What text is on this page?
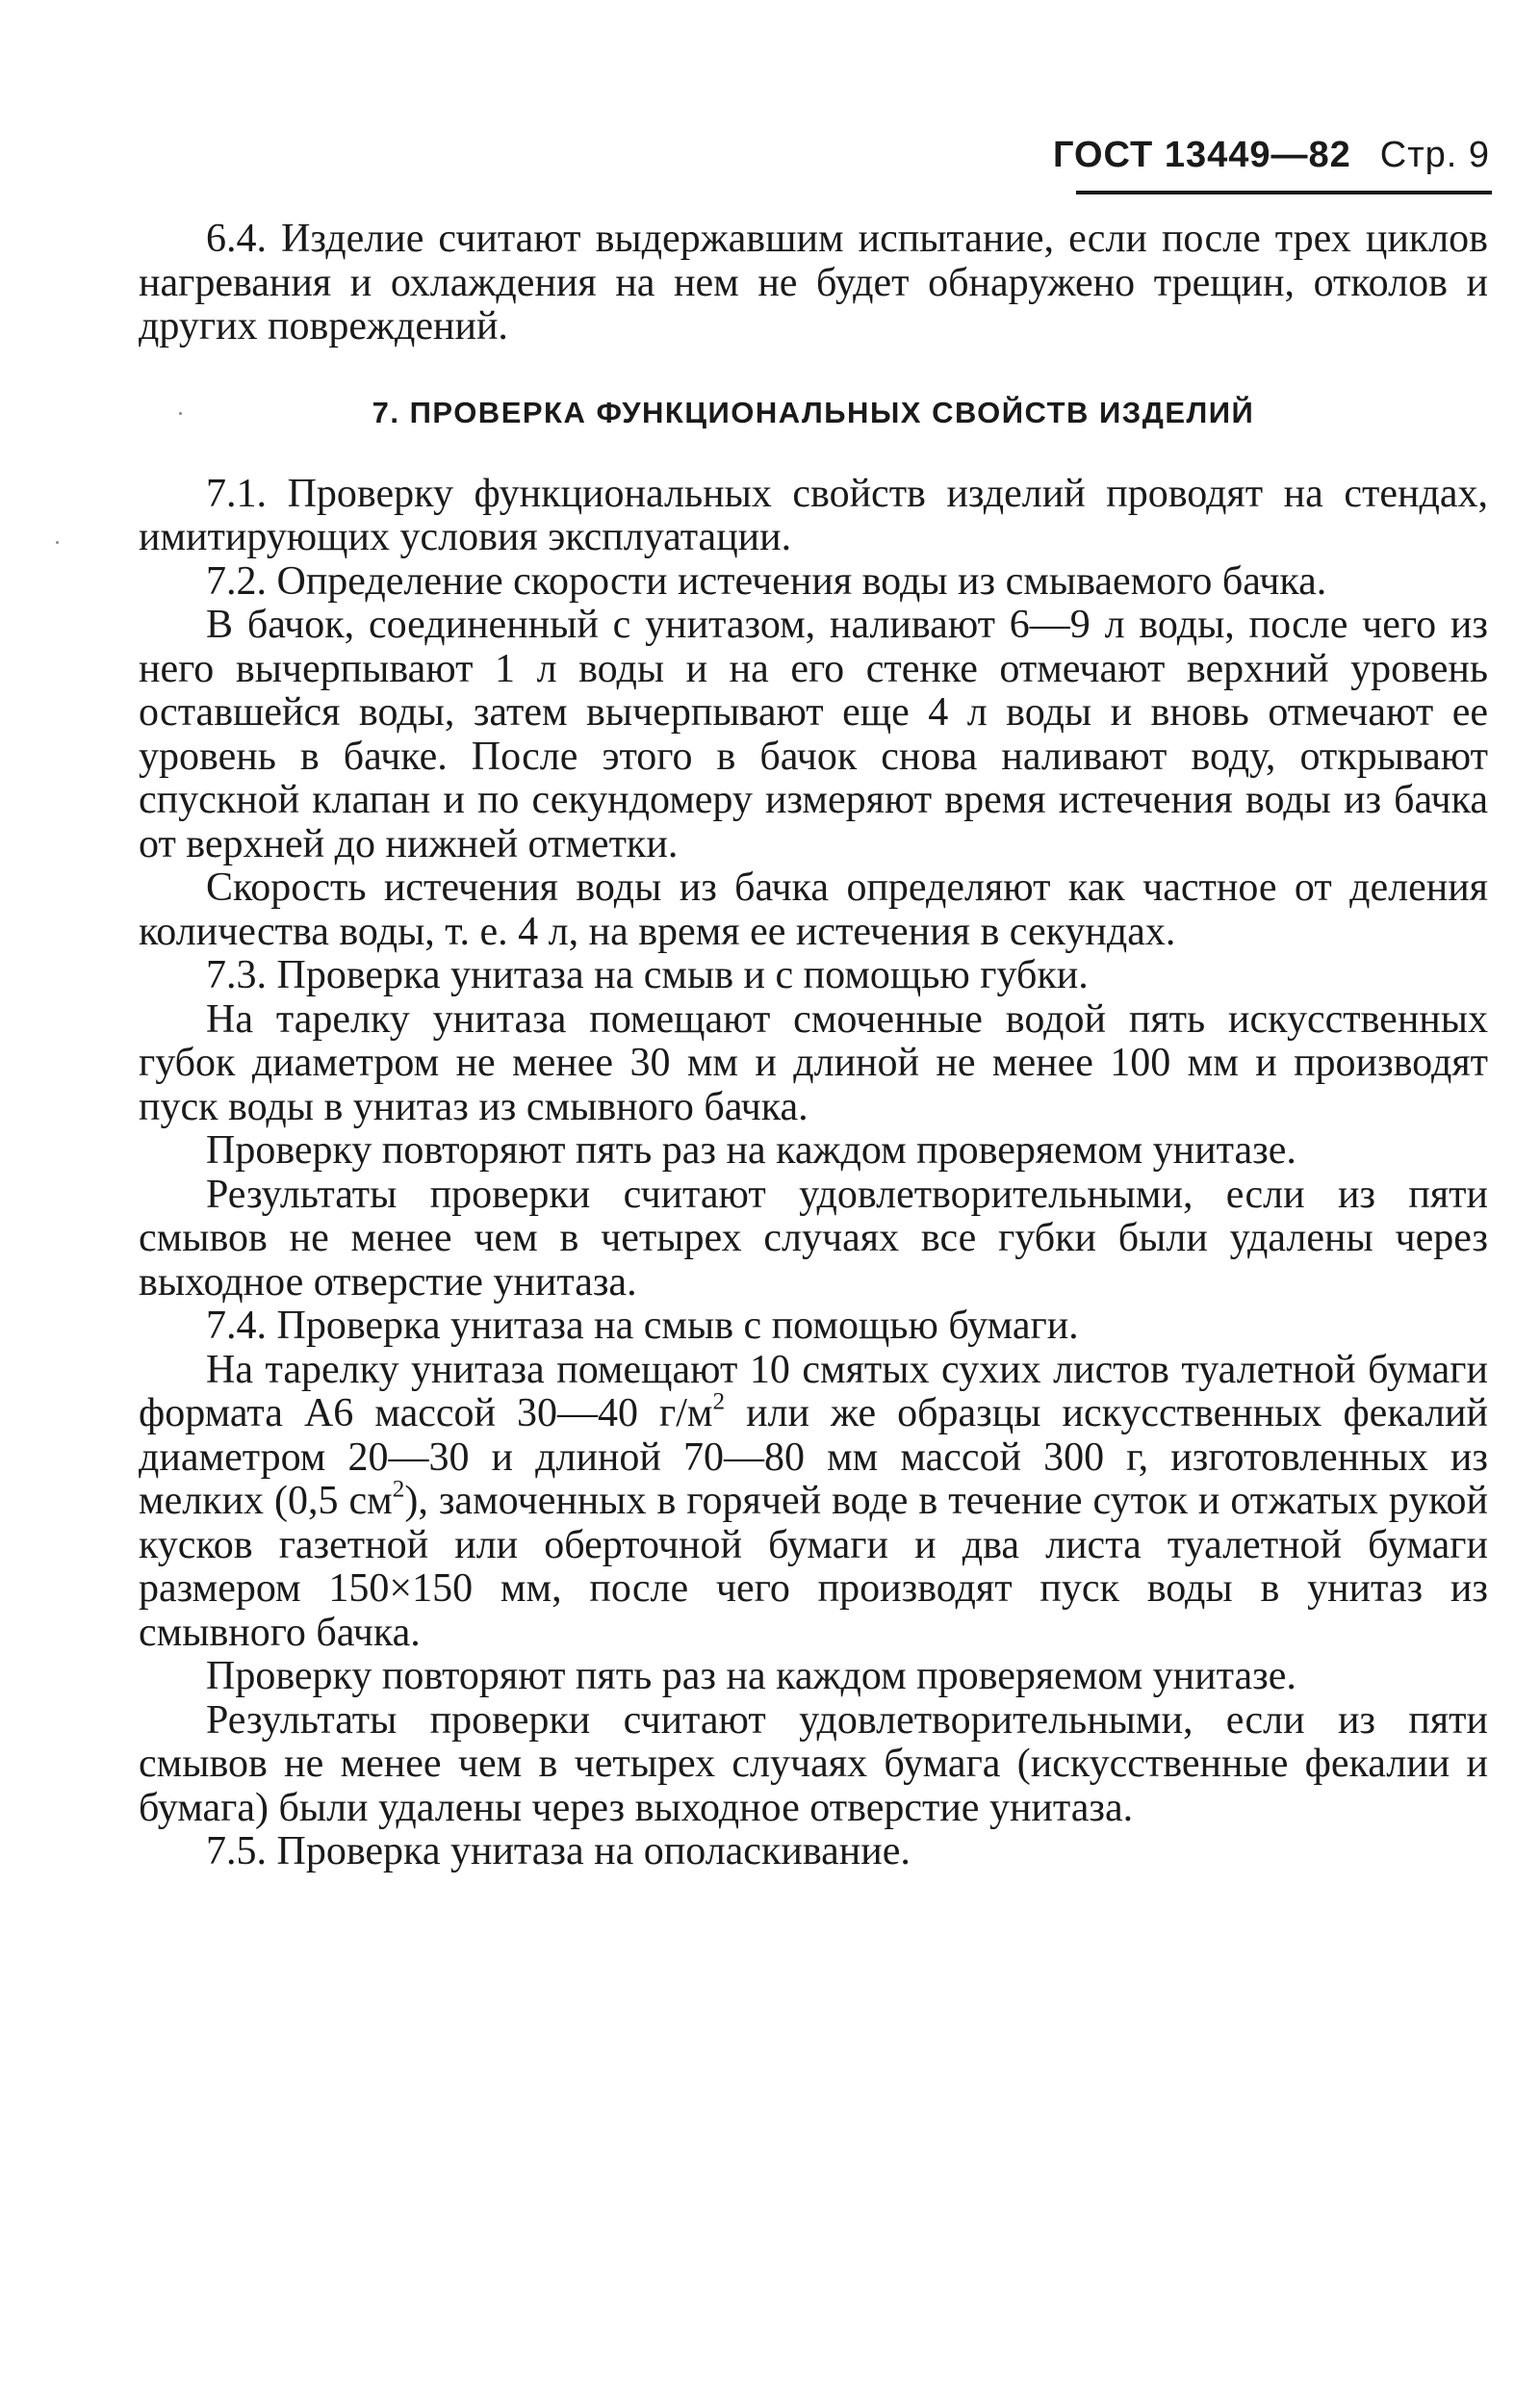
ГОСТ 13449—82 Стр. 9

6.4. Изделие считают выдержавшим испытание, если после трех циклов нагревания и охлаждения на нем не будет обнаружено трещин, отколов и других повреждений.

7. ПРОВЕРКА ФУНКЦИОНАЛЬНЫХ СВОЙСТВ ИЗДЕЛИЙ

7.1. Проверку функциональных свойств изделий проводят на стендах, имитирующих условия эксплуатации.

7.2. Определение скорости истечения воды из смываемого бачка.

В бачок, соединенный с унитазом, наливают 6—9 л воды, после чего из него вычерпывают 1 л воды и на его стенке отмечают верхний уровень оставшейся воды, затем вычерпывают еще 4 л воды и вновь отмечают ее уровень в бачке. После этого в бачок снова наливают воду, открывают спускной клапан и по секундомеру измеряют время истечения воды из бачка от верхней до нижней отметки.

Скорость истечения воды из бачка определяют как частное от деления количества воды, т. е. 4 л, на время ее истечения в секундах.

7.3. Проверка унитаза на смыв и с помощью губки.

На тарелку унитаза помещают смоченные водой пять искусственных губок диаметром не менее 30 мм и длиной не менее 100 мм и производят пуск воды в унитаз из смывного бачка.

Проверку повторяют пять раз на каждом проверяемом унитазе.

Результаты проверки считают удовлетворительными, если из пяти смывов не менее чем в четырех случаях все губки были удалены через выходное отверстие унитаза.

7.4. Проверка унитаза на смыв с помощью бумаги.

На тарелку унитаза помещают 10 смятых сухих листов туалетной бумаги формата А6 массой 30—40 $г/м^2$ или же образцы искусственных фекалий диаметром 20—30 и длиной 70—80 мм массой 300 г, изготовленных из мелких (0,5 $см^2$), замоченных в горячей воде в течение суток и отжатых рукой кусков газетной или оберточной бумаги и два листа туалетной бумаги размером 150×150 мм, после чего производят пуск воды в унитаз из смывного бачка.

Проверку повторяют пять раз на каждом проверяемом унитазе.

Результаты проверки считают удовлетворительными, если из пяти смывов не менее чем в четырех случаях бумага (искусственные фекалии и бумага) были удалены через выходное отверстие унитаза.

7.5. Проверка унитаза на ополаскивание.
